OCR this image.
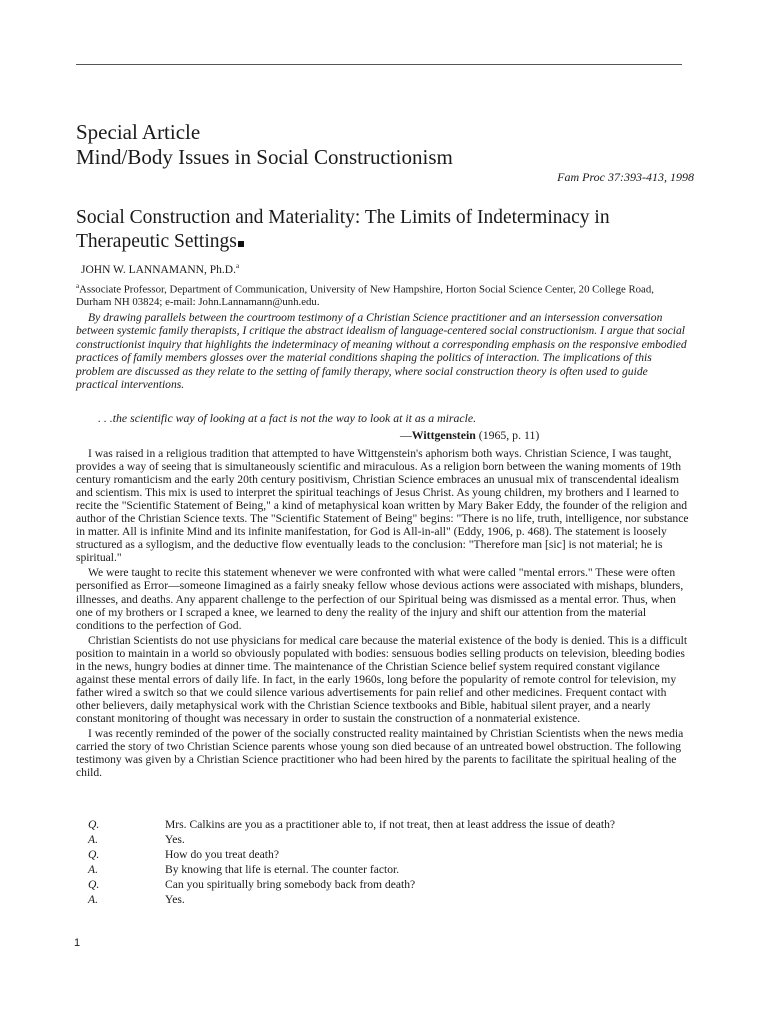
Special Article
Mind/Body Issues in Social Constructionism
Fam Proc 37:393-413, 1998
Social Construction and Materiality: The Limits of Indeterminacy in Therapeutic Settings
JOHN W. LANNAMANN, Ph.D.$^a$
$^a$Associate Professor, Department of Communication, University of New Hampshire, Horton Social Science Center, 20 College Road, Durham NH 03824; e-mail: John.Lannamann@unh.edu.

By drawing parallels between the courtroom testimony of a Christian Science practitioner and an intersession conversation between systemic family therapists, I critique the abstract idealism of language-centered social constructionism. I argue that social constructionist inquiry that highlights the indeterminacy of meaning without a corresponding emphasis on the responsive embodied practices of family members glosses over the material conditions shaping the politics of interaction. The implications of this problem are discussed as they relate to the setting of family therapy, where social construction theory is often used to guide practical interventions.

. . .the scientific way of looking at a fact is not the way to look at it as a miracle.
—Wittgenstein (1965, p. 11)

I was raised in a religious tradition that attempted to have Wittgenstein's aphorism both ways. Christian Science, I was taught, provides a way of seeing that is simultaneously scientific and miraculous. As a religion born between the waning moments of 19th century romanticism and the early 20th century positivism, Christian Science embraces an unusual mix of transcendental idealism and scientism. This mix is used to interpret the spiritual teachings of Jesus Christ. As young children, my brothers and I learned to recite the "Scientific Statement of Being," a kind of metaphysical koan written by Mary Baker Eddy, the founder of the religion and author of the Christian Science texts. The "Scientific Statement of Being" begins: "There is no life, truth, intelligence, nor substance in matter. All is infinite Mind and its infinite manifestation, for God is All-in-all" (Eddy, 1906, p. 468). The statement is loosely structured as a syllogism, and the deductive flow eventually leads to the conclusion: "Therefore man [sic] is not material; he is spiritual."

We were taught to recite this statement whenever we were confronted with what were called "mental errors." These were often personified as Error—someone Iimagined as a fairly sneaky fellow whose devious actions were associated with mishaps, blunders, illnesses, and deaths. Any apparent challenge to the perfection of our Spiritual being was dismissed as a mental error. Thus, when one of my brothers or I scraped a knee, we learned to deny the reality of the injury and shift our attention from the material conditions to the perfection of God.

Christian Scientists do not use physicians for medical care because the material existence of the body is denied. This is a difficult position to maintain in a world so obviously populated with bodies: sensuous bodies selling products on television, bleeding bodies in the news, hungry bodies at dinner time. The maintenance of the Christian Science belief system required constant vigilance against these mental errors of daily life. In fact, in the early 1960s, long before the popularity of remote control for television, my father wired a switch so that we could silence various advertisements for pain relief and other medicines. Frequent contact with other believers, daily metaphysical work with the Christian Science textbooks and Bible, habitual silent prayer, and a nearly constant monitoring of thought was necessary in order to sustain the construction of a nonmaterial existence.

I was recently reminded of the power of the socially constructed reality maintained by Christian Scientists when the news media carried the story of two Christian Science parents whose young son died because of an untreated bowel obstruction. The following testimony was given by a Christian Science practitioner who had been hired by the parents to facilitate the spiritual healing of the child.

Q.	Mrs. Calkins are you as a practitioner able to, if not treat, then at least address the issue of death?
A.	Yes.
Q.	How do you treat death?
A.	By knowing that life is eternal. The counter factor.
Q.	Can you spiritually bring somebody back from death?
A.	Yes.
1
